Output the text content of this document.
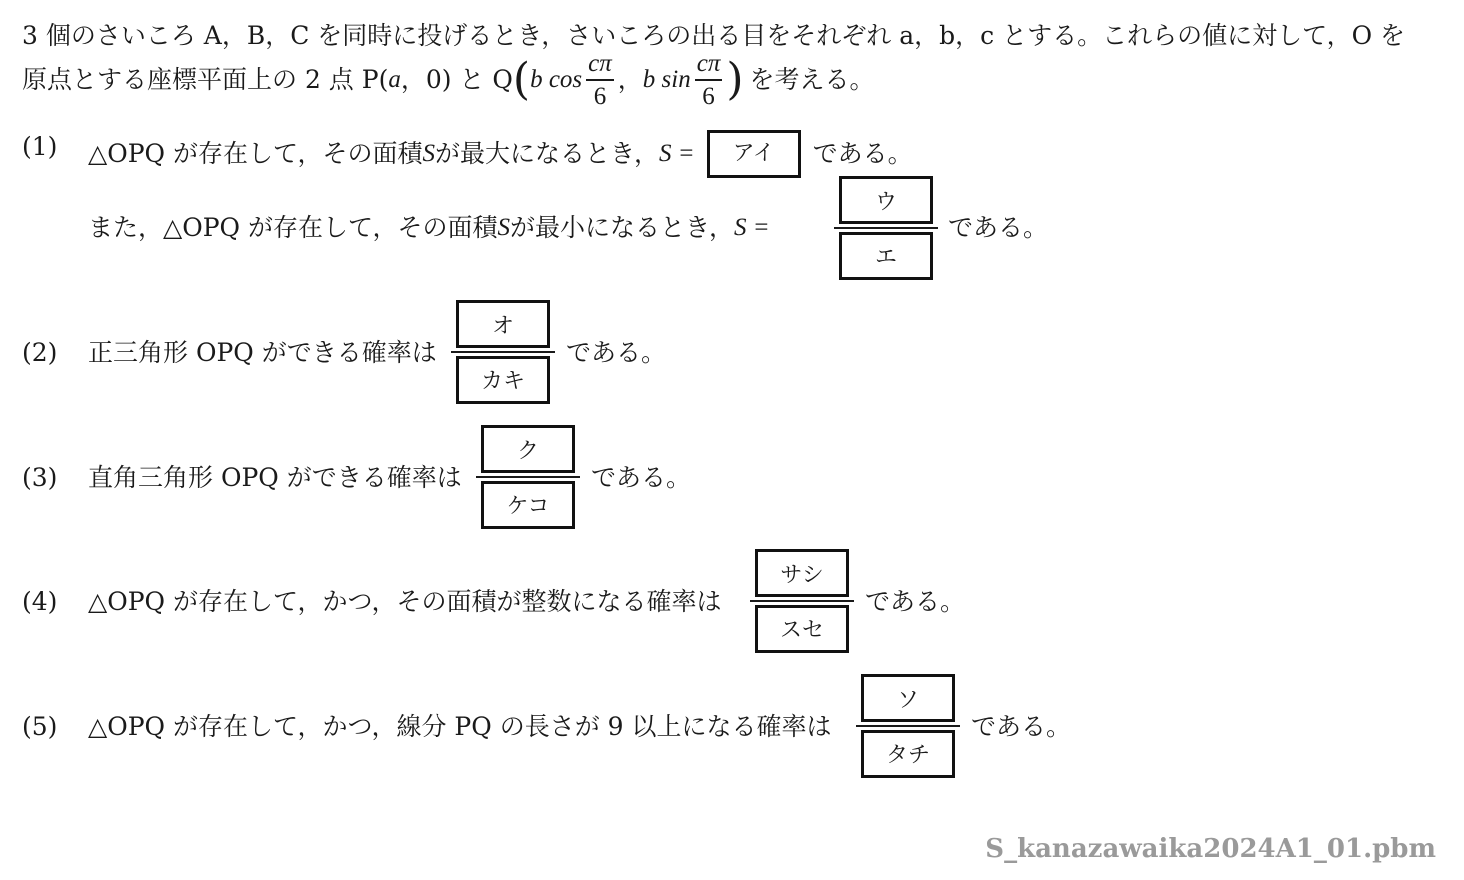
3 個のさいころ A，B，C を同時に投げるとき，さいころの出る目をそれぞれ a，b，c とする。これらの値に対して，O を
原点とする座標平面上の 2 点 P( a ，0) と Q ( b $\cos \frac{c\pi}{6}$ ， b $\sin \frac{c\pi}{6}$ ) を考える。
(1) △OPQ が存在して，その面積 S が最大になるとき， S =	アイ	である。
また，△OPQ が存在して，その面積 S が最小になるとき， S =
ウ
エ
である。
(2) 正三角形 OPQ ができる確率は
オ
カキ
である。
(3) 直角三角形 OPQ ができる確率は
ク
ケコ
である。
(4) △OPQ が存在して，かつ，その面積が整数になる確率は
サシ
スセ
である。
(5) △OPQ が存在して，かつ，線分 PQ の長さが 9 以上になる確率は
ソ
タチ
である。
S_kanazawaika2024A1_01.pbm
